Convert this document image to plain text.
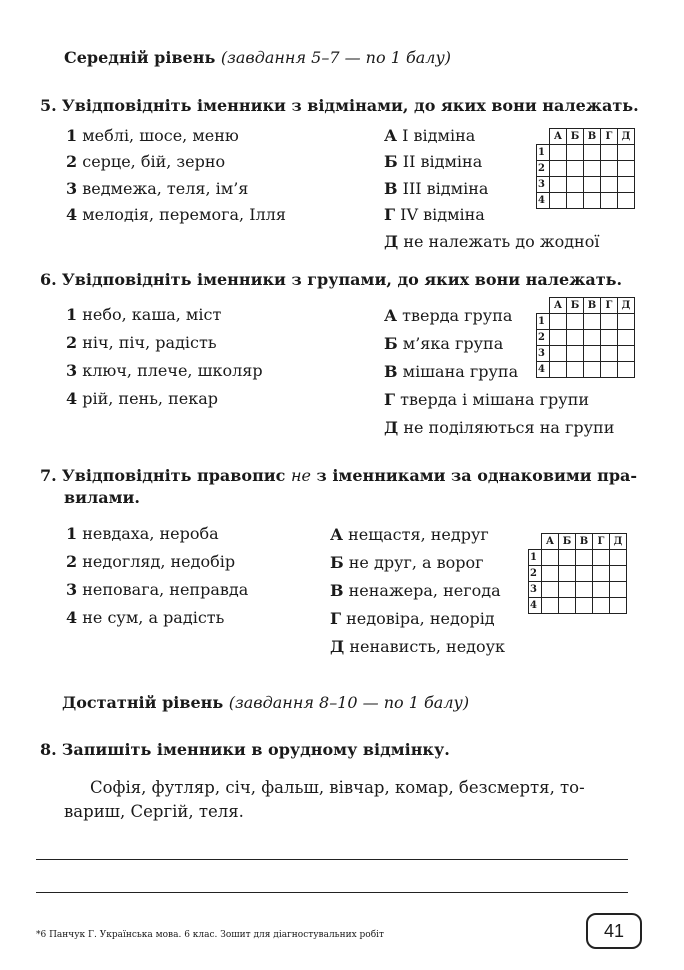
Середній рівень (завдання 5–7 — по 1 балу)
5. Увідповідніть іменники з відмінами, до яких вони належать.
1 меблі, шосе, меню
2 серце, бій, зерно
3 ведмежа, теля, ім’я
4 мелодія, перемога, Ілля
А І відміна
Б ІІ відміна
В ІІІ відміна
Г ІV відміна
Д не належать до жодної
	А	Б	В	Г	Д
1					
2					
3					
4					
6. Увідповідніть іменники з групами, до яких вони належать.
1 небо, каша, міст
2 ніч, піч, радість
3 ключ, плече, школяр
4 рій, пень, пекар
А тверда група
Б м’яка група
В мішана група
Г тверда і мішана групи
Д не поділяються на групи
	А	Б	В	Г	Д
1					
2					
3					
4					
7. Увідповідніть правопис не з іменниками за однаковими пра-
вилами.
1 невдаха, нероба
2 недогляд, недобір
3 неповага, неправда
4 не сум, а радість
А нещастя, недруг
Б не друг, а ворог
В ненажера, негода
Г недовіра, недорід
Д ненависть, недоук
	А	Б	В	Г	Д
1					
2					
3					
4					
Достатній рівень (завдання 8–10 — по 1 балу)
8. Запишіть іменники в орудному відмінку.
Софія, футляр, січ, фальш, вівчар, комар, безсмертя, то-
вариш, Сергій, теля.
*6 Панчук Г. Українська мова. 6 клас. Зошит для діагностувальних робіт	41
